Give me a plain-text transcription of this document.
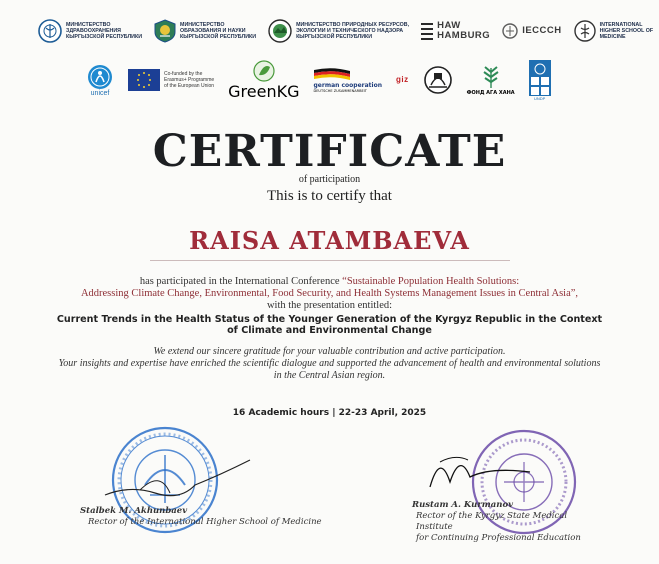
МИНИСТЕРСТВО
ЗДРАВООХРАНЕНИЯ
КЫРГЫЗСКОЙ РЕСПУБЛИКИ
МИНИСТЕРСТВО
ОБРАЗОВАНИЯ И НАУКИ
КЫРГЫЗСКОЙ РЕСПУБЛИКИ
МИНИСТЕРСТВО ПРИРОДНЫХ РЕСУРСОВ,
ЭКОЛОГИИ И ТЕХНИЧЕСКОГО НАДЗОРА
КЫРГЫЗСКОЙ РЕСПУБЛИКИ
HAW
HAMBURG	IECCCH	INTERNATIONAL
HIGHER SCHOOL OF
MEDICINE
unicef
Co-funded by the
Erasmus+ Programme
of the European Union GreenKG german cooperation
DEUTSCHE ZUSAMMENARBEIT
giz
ФОНД АГА ХАНА
UNDP
CERTIFICATE
of participation
This is to certify that
RAISA ATAMBAEVA
has participated in the International Conference “Sustainable Population Health Solutions:
Addressing Climate Change, Environmental, Food Security, and Health Systems Management Issues in Central Asia”,
with the presentation entitled:
Current Trends in the Health Status of the Younger Generation of the Kyrgyz Republic in the Context
of Climate and Environmental Change
We extend our sincere gratitude for your valuable contribution and active participation.
Your insights and expertise have enriched the scientific dialogue and supported the advancement of health and environmental solutions
in the Central Asian region.
16 Academic hours | 22-23 April, 2025
Stalbek M. Akhunbaev
Rector of the International Higher School of Medicine
Rustam A. Kurmanov
Rector of the Kyrgyz State Medical
Institute
for Continuing Professional Education
